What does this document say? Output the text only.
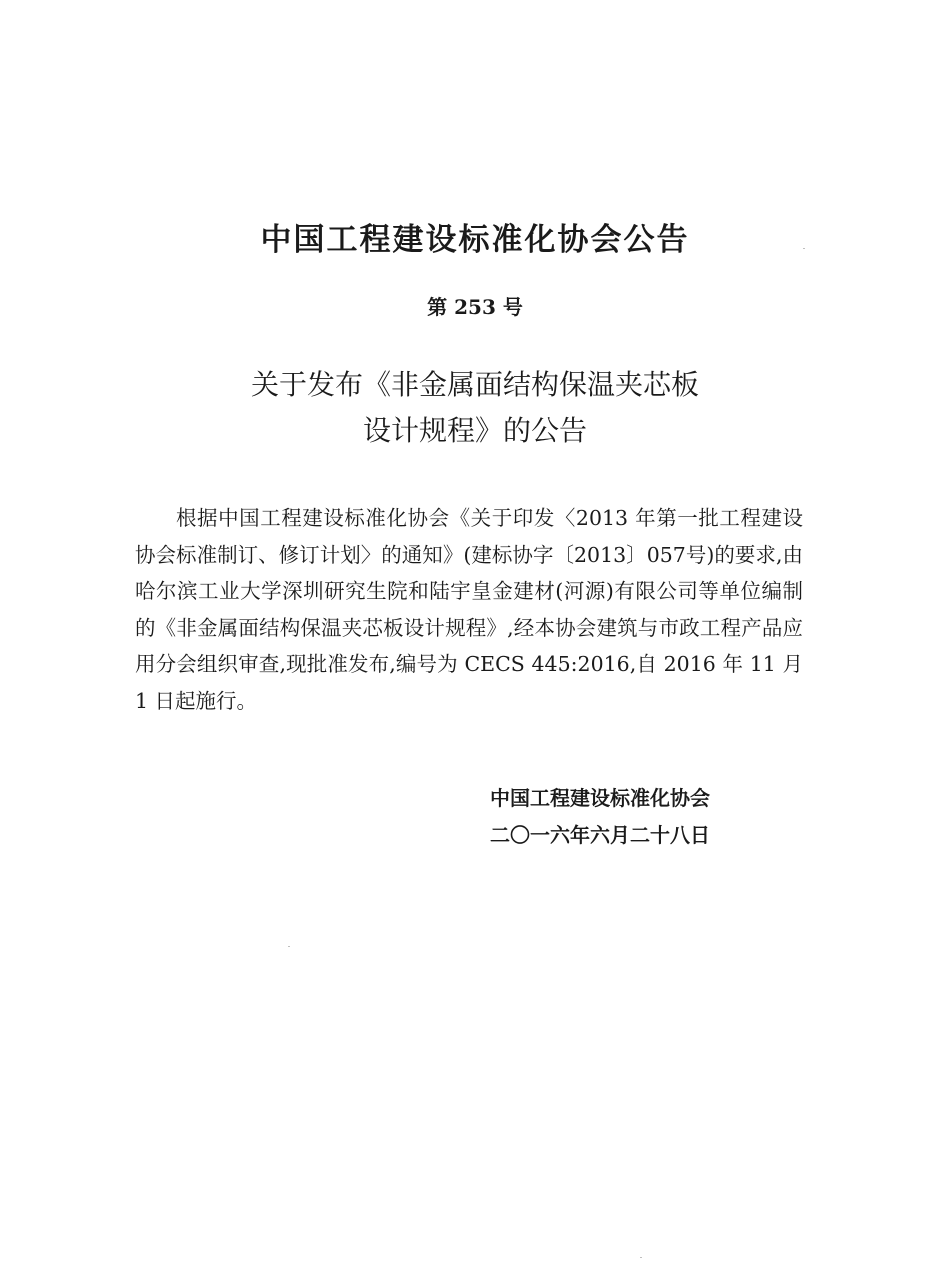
中国工程建设标准化协会公告
第 253 号
关于发布《非金属面结构保温夹芯板
设计规程》的公告

根据中国工程建设标准化协会《关于印发〈2013 年第一批工程建设协会标准制订、修订计划〉的通知》(建标协字〔2013〕057号)的要求,由哈尔滨工业大学深圳研究生院和陆宇皇金建材(河源)有限公司等单位编制的《非金属面结构保温夹芯板设计规程》,经本协会建筑与市政工程产品应用分会组织审查,现批准发布,编号为 CECS 445:2016,自 2016 年 11 月 1 日起施行。

中国工程建设标准化协会
二〇一六年六月二十八日
